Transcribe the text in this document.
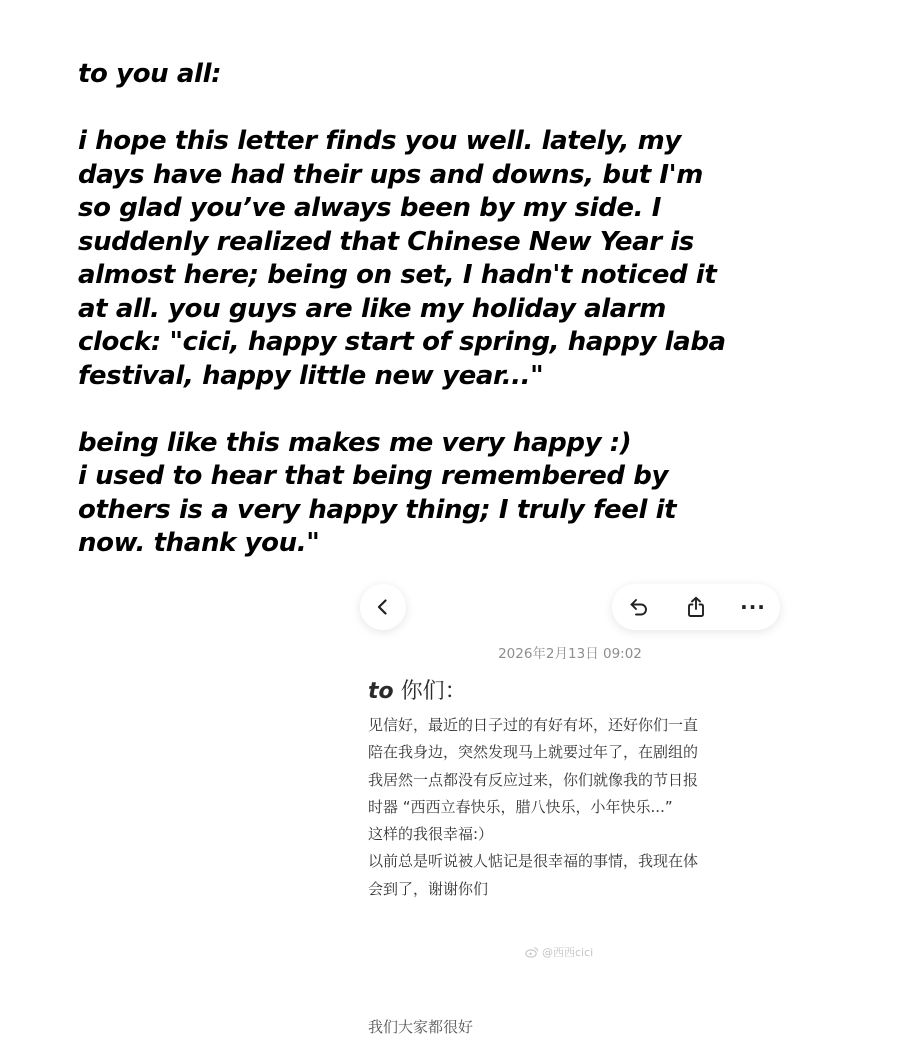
to you all:
i hope this letter finds you well. lately, my
days have had their ups and downs, but I'm
so glad you’ve always been by my side. I
suddenly realized that Chinese New Year is
almost here; being on set, I hadn't noticed it
at all. you guys are like my holiday alarm
clock: "cici, happy start of spring, happy laba
festival, happy little new year..."
being like this makes me very happy :)
i used to hear that being remembered by
others is a very happy thing; I truly feel it
now. thank you."
···
2026年2月13日 09:02
to 你们：
见信好，最近的日子过的有好有坏，还好你们一直
陪在我身边，突然发现马上就要过年了，在剧组的
我居然一点都没有反应过来，你们就像我的节日报
时器 “西西立春快乐，腊八快乐，小年快乐...”
这样的我很幸福:）
以前总是听说被人惦记是很幸福的事情，我现在体
会到了，谢谢你们
@西西cici
我们大家都很好
